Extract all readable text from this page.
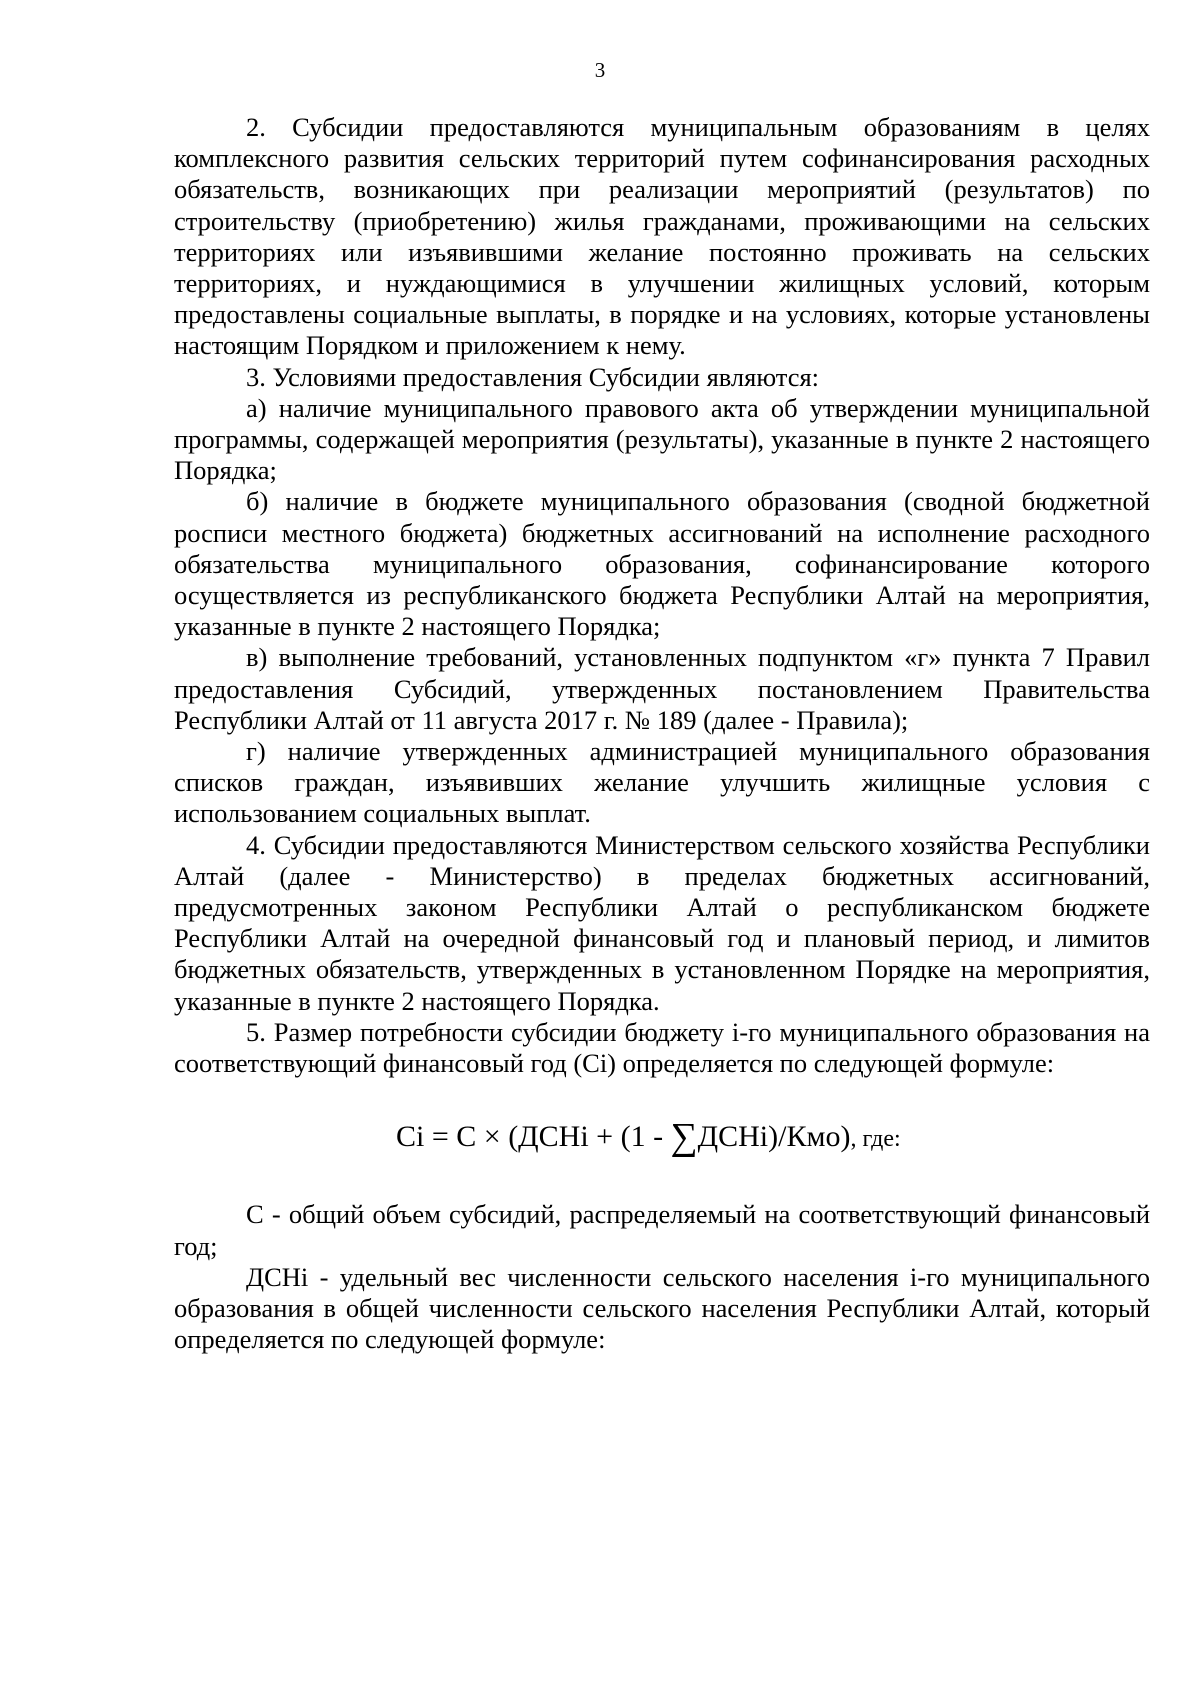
3

2. Субсидии предоставляются муниципальным образованиям в целях комплексного развития сельских территорий путем софинансирования расходных обязательств, возникающих при реализации мероприятий (результатов) по строительству (приобретению) жилья гражданами, проживающими на сельских территориях или изъявившими желание постоянно проживать на сельских территориях, и нуждающимися в улучшении жилищных условий, которым предоставлены социальные выплаты, в порядке и на условиях, которые установлены настоящим Порядком и приложением к нему.

3. Условиями предоставления Субсидии являются:

а) наличие муниципального правового акта об утверждении муниципальной программы, содержащей мероприятия (результаты), указанные в пункте 2 настоящего Порядка;

б) наличие в бюджете муниципального образования (сводной бюджетной росписи местного бюджета) бюджетных ассигнований на исполнение расходного обязательства муниципального образования, софинансирование которого осуществляется из республиканского бюджета Республики Алтай на мероприятия, указанные в пункте 2 настоящего Порядка;

в) выполнение требований, установленных подпунктом «г» пункта 7 Правил предоставления Субсидий, утвержденных постановлением Правительства Республики Алтай от 11 августа 2017 г. № 189 (далее - Правила);

г) наличие утвержденных администрацией муниципального образования списков граждан, изъявивших желание улучшить жилищные условия с использованием социальных выплат.

4. Субсидии предоставляются Министерством сельского хозяйства Республики Алтай (далее - Министерство) в пределах бюджетных ассигнований, предусмотренных законом Республики Алтай о республиканском бюджете Республики Алтай на очередной финансовый год и плановый период, и лимитов бюджетных обязательств, утвержденных в установленном Порядке на мероприятия, указанные в пункте 2 настоящего Порядка.

5. Размер потребности субсидии бюджету i-го муниципального образования на соответствующий финансовый год (Сi) определяется по следующей формуле:

Ci = C × (ДСНi + (1 - ∑ДСНi)/Кмо), где:

С - общий объем субсидий, распределяемый на соответствующий финансовый год;

ДСНi - удельный вес численности сельского населения i-го муниципального образования в общей численности сельского населения Республики Алтай, который определяется по следующей формуле:
